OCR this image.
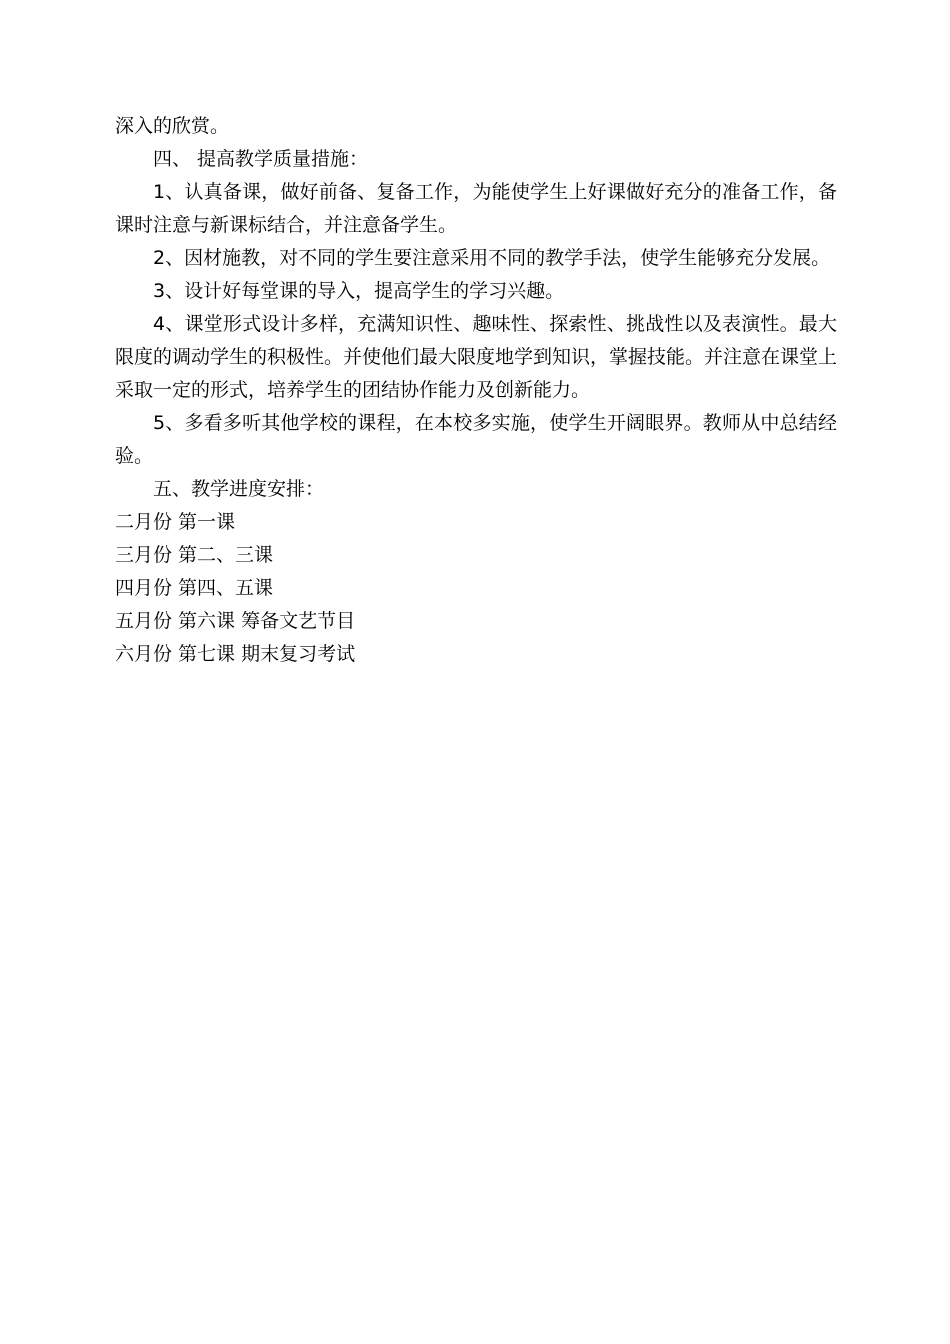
深入的欣赏。

四、 提高教学质量措施：

1、认真备课，做好前备、复备工作，为能使学生上好课做好充分的准备工作，备课时注意与新课标结合，并注意备学生。

2、因材施教，对不同的学生要注意采用不同的教学手法，使学生能够充分发展。

3、设计好每堂课的导入，提高学生的学习兴趣。

4、课堂形式设计多样，充满知识性、趣味性、探索性、挑战性以及表演性。最大限度的调动学生的积极性。并使他们最大限度地学到知识，掌握技能。并注意在课堂上采取一定的形式，培养学生的团结协作能力及创新能力。

5、多看多听其他学校的课程，在本校多实施，使学生开阔眼界。教师从中总结经验。

五、教学进度安排：

二月份 第一课

三月份 第二、三课

四月份 第四、五课

五月份 第六课 筹备文艺节目

六月份 第七课 期末复习考试
